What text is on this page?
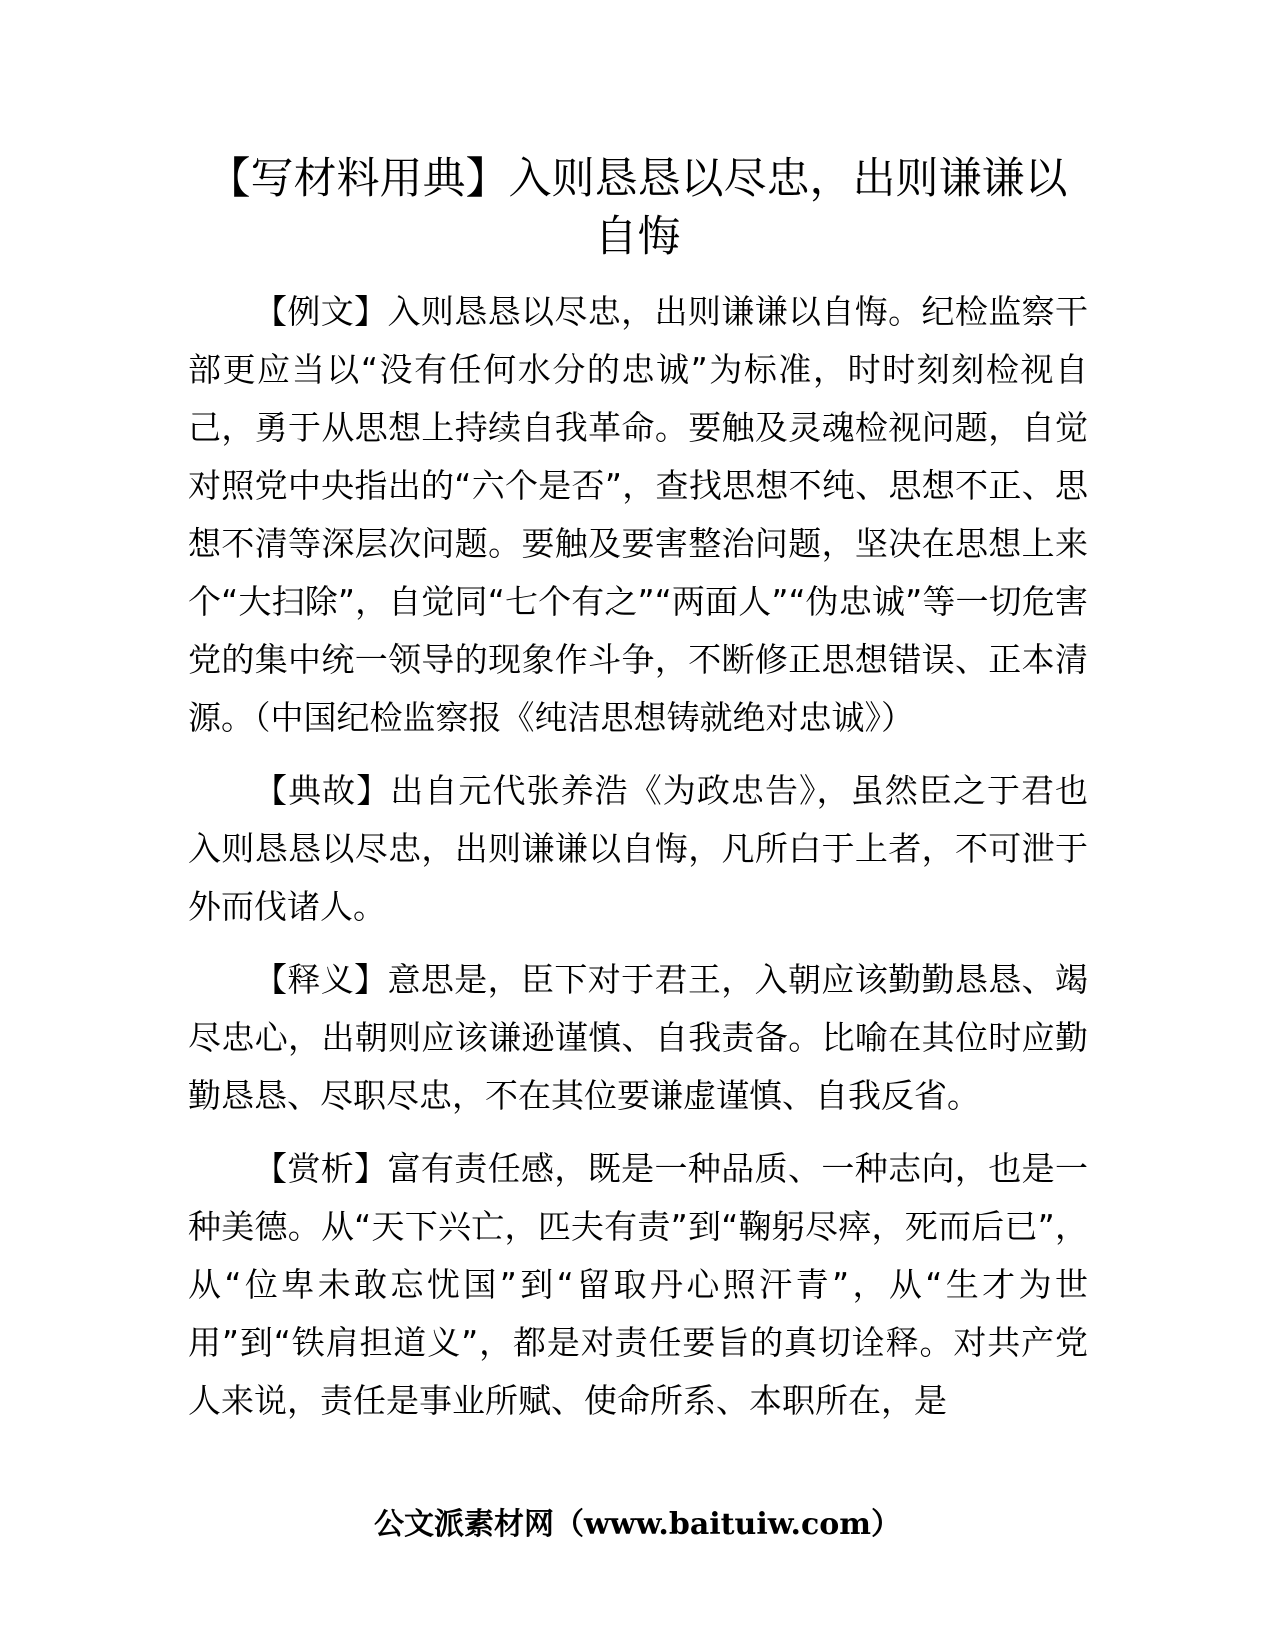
【写材料用典】入则恳恳以尽忠，出则谦谦以自悔

【例文】入则恳恳以尽忠，出则谦谦以自悔。纪检监察干部更应当以“没有任何水分的忠诚”为标准，时时刻刻检视自己，勇于从思想上持续自我革命。要触及灵魂检视问题，自觉对照党中央指出的“六个是否”，查找思想不纯、思想不正、思想不清等深层次问题。要触及要害整治问题，坚决在思想上来个“大扫除”，自觉同“七个有之”“两面人”“伪忠诚”等一切危害党的集中统一领导的现象作斗争，不断修正思想错误、正本清源。（中国纪检监察报《纯洁思想铸就绝对忠诚》）

【典故】出自元代张养浩《为政忠告》，虽然臣之于君也入则恳恳以尽忠，出则谦谦以自悔，凡所白于上者，不可泄于外而伐诸人。

【释义】意思是，臣下对于君王，入朝应该勤勤恳恳、竭尽忠心，出朝则应该谦逊谨慎、自我责备。比喻在其位时应勤勤恳恳、尽职尽忠，不在其位要谦虚谨慎、自我反省。

【赏析】富有责任感，既是一种品质、一种志向，也是一种美德。从“天下兴亡，匹夫有责”到“鞠躬尽瘁，死而后已”，从“位卑未敢忘忧国”到“留取丹心照汗青”，从“生才为世用”到“铁肩担道义”，都是对责任要旨的真切诠释。对共产党人来说，责任是事业所赋、使命所系、本职所在，是

公文派素材网（www.baituiw.com）
